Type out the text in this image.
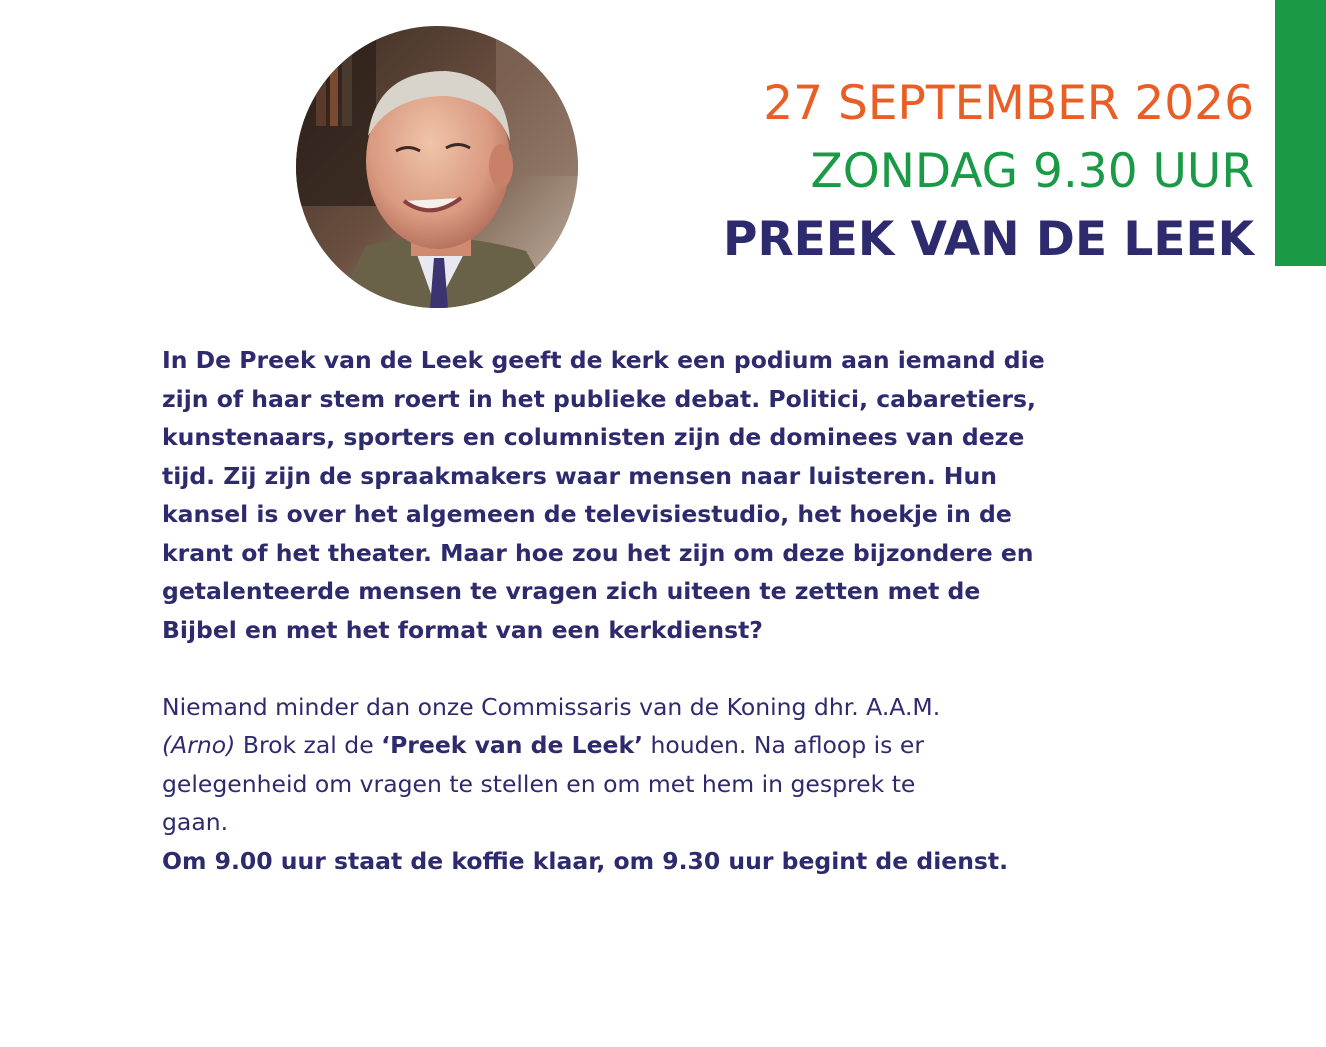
27 SEPTEMBER 2026
ZONDAG 9.30 UUR
PREEK VAN DE LEEK
In De Preek van de Leek geeft de kerk een podium aan iemand die
zijn of haar stem roert in het publieke debat. Politici, cabaretiers,
kunstenaars, sporters en columnisten zijn de dominees van deze
tijd. Zij zijn de spraakmakers waar mensen naar luisteren. Hun
kansel is over het algemeen de televisiestudio, het hoekje in de
krant of het theater. Maar hoe zou het zijn om deze bijzondere en
getalenteerde mensen te vragen zich uiteen te zetten met de
Bijbel en met het format van een kerkdienst?
Niemand minder dan onze Commissaris van de Koning dhr. A.A.M.
(Arno) Brok zal de ‘Preek van de Leek’ houden. Na afloop is er
gelegenheid om vragen te stellen en om met hem in gesprek te
gaan.
Om 9.00 uur staat de koffie klaar, om 9.30 uur begint de dienst.
